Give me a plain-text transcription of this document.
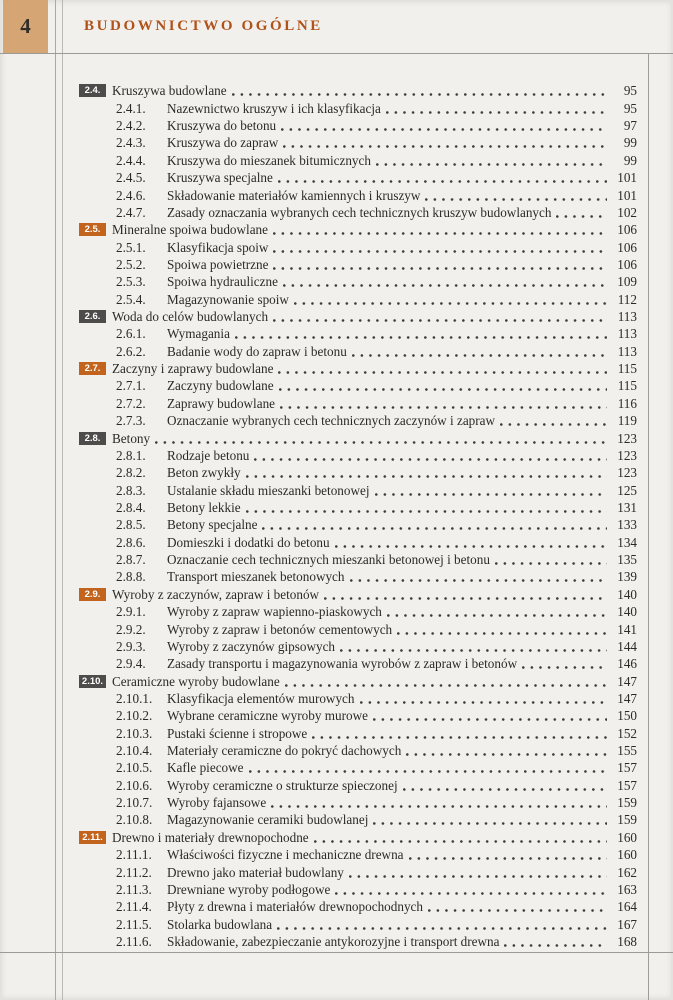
4	BUDOWNICTWO OGÓLNE
2.4. Kruszywa budowlane	95
2.4.1.	Nazewnictwo kruszyw i ich klasyfikacja	95
2.4.2.	Kruszywa do betonu	97
2.4.3.	Kruszywa do zapraw	99
2.4.4.	Kruszywa do mieszanek bitumicznych	99
2.4.5.	Kruszywa specjalne	101
2.4.6.	Składowanie materiałów kamiennych i kruszyw	101
2.4.7.	Zasady oznaczania wybranych cech technicznych kruszyw budowlanych	102
2.5. Mineralne spoiwa budowlane	106
2.5.1.	Klasyfikacja spoiw	106
2.5.2.	Spoiwa powietrzne	106
2.5.3.	Spoiwa hydrauliczne	109
2.5.4.	Magazynowanie spoiw	112
2.6. Woda do celów budowlanych	113
2.6.1.	Wymagania	113
2.6.2.	Badanie wody do zapraw i betonu	113
2.7. Zaczyny i zaprawy budowlane	115
2.7.1.	Zaczyny budowlane	115
2.7.2.	Zaprawy budowlane	116
2.7.3.	Oznaczanie wybranych cech technicznych zaczynów i zapraw	119
2.8. Betony	123
2.8.1.	Rodzaje betonu	123
2.8.2.	Beton zwykły	123
2.8.3.	Ustalanie składu mieszanki betonowej	125
2.8.4.	Betony lekkie	131
2.8.5.	Betony specjalne	133
2.8.6.	Domieszki i dodatki do betonu	134
2.8.7.	Oznaczanie cech technicznych mieszanki betonowej i betonu	135
2.8.8.	Transport mieszanek betonowych	139
2.9. Wyroby z zaczynów, zapraw i betonów	140
2.9.1.	Wyroby z zapraw wapienno-piaskowych	140
2.9.2.	Wyroby z zapraw i betonów cementowych	141
2.9.3.	Wyroby z zaczynów gipsowych	144
2.9.4.	Zasady transportu i magazynowania wyrobów z zapraw i betonów	146
2.10. Ceramiczne wyroby budowlane	147
2.10.1.	Klasyfikacja elementów murowych	147
2.10.2.	Wybrane ceramiczne wyroby murowe	150
2.10.3.	Pustaki ścienne i stropowe	152
2.10.4.	Materiały ceramiczne do pokryć dachowych	155
2.10.5.	Kafle piecowe	157
2.10.6.	Wyroby ceramiczne o strukturze spieczonej	157
2.10.7.	Wyroby fajansowe	159
2.10.8.	Magazynowanie ceramiki budowlanej	159
2.11. Drewno i materiały drewnopochodne	160
2.11.1.	Właściwości fizyczne i mechaniczne drewna	160
2.11.2.	Drewno jako materiał budowlany	162
2.11.3.	Drewniane wyroby podłogowe	163
2.11.4.	Płyty z drewna i materiałów drewnopochodnych	164
2.11.5.	Stolarka budowlana	167
2.11.6.	Składowanie, zabezpieczanie antykorozyjne i transport drewna	168
